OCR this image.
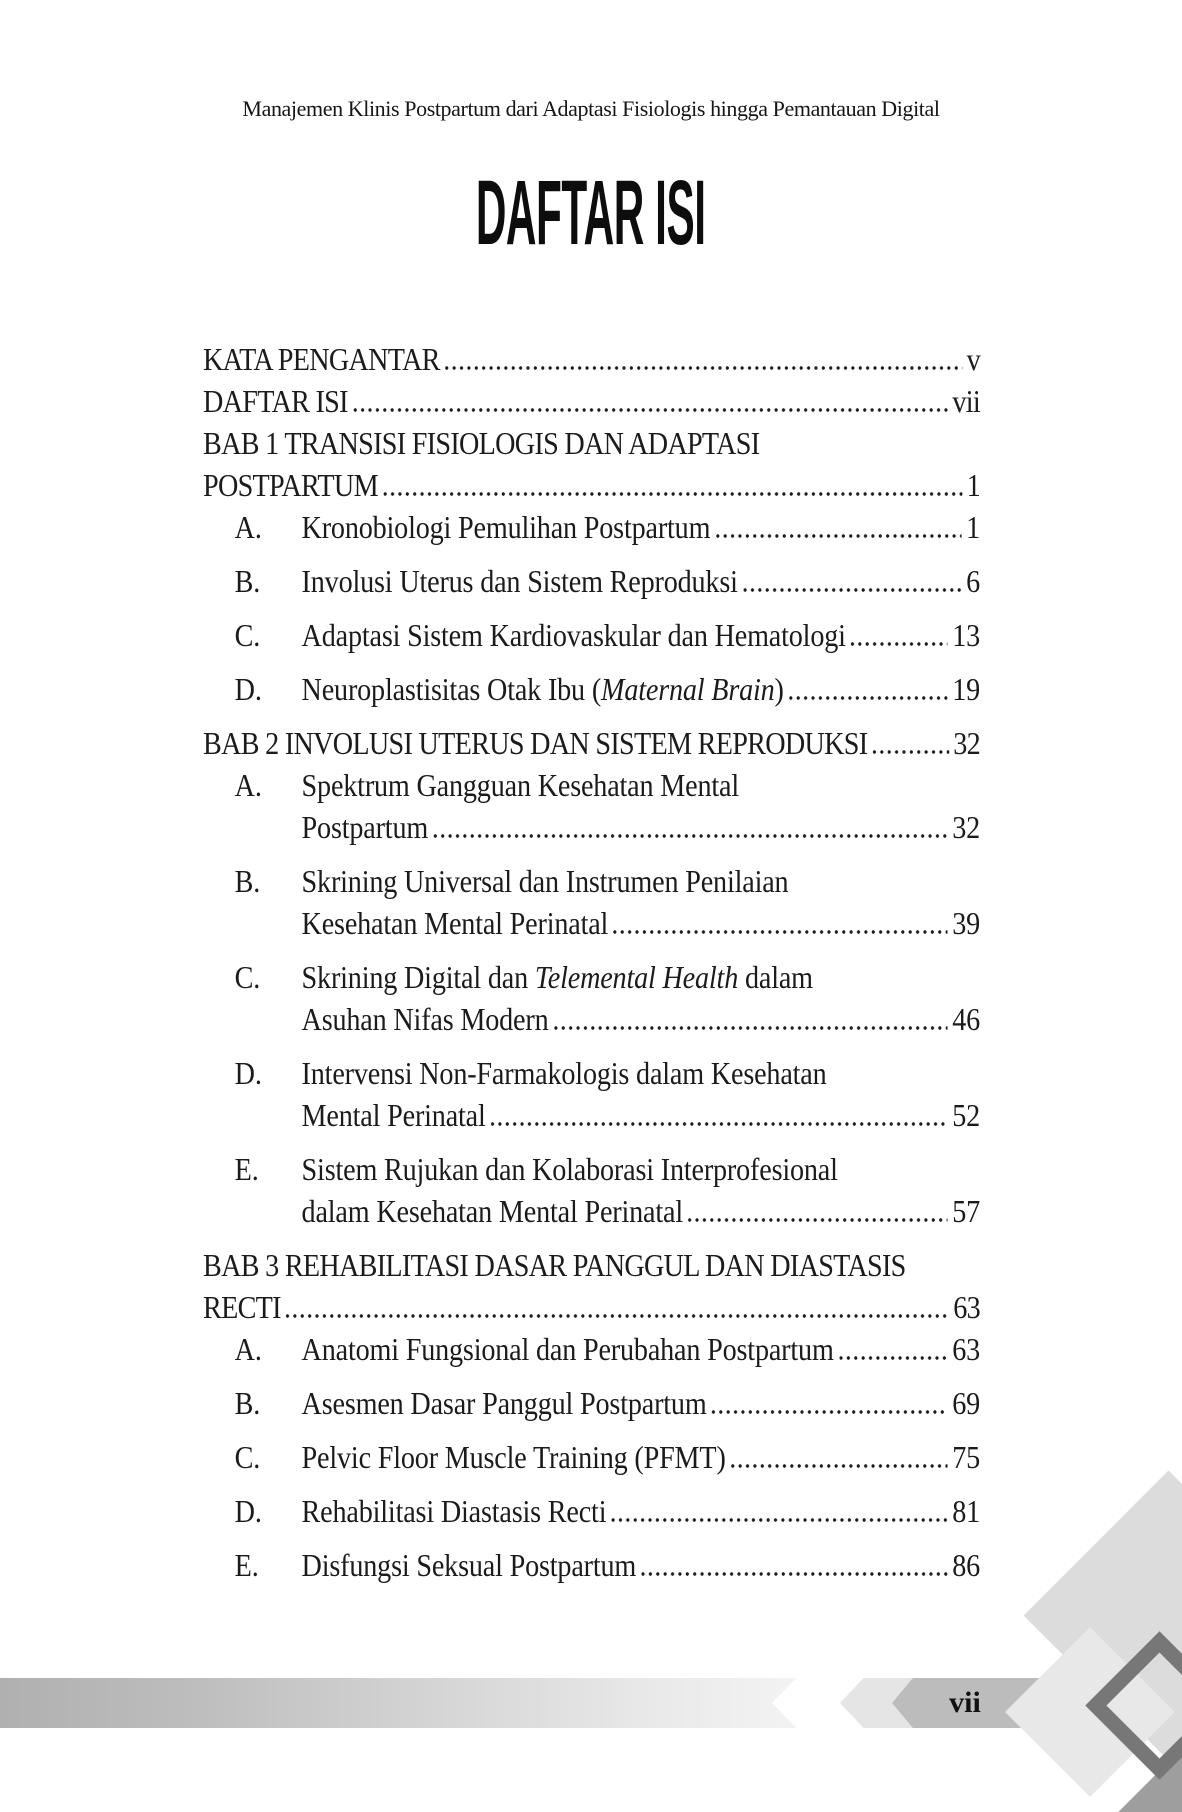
Manajemen Klinis Postpartum dari Adaptasi Fisiologis hingga Pemantauan Digital
DAFTAR ISI
KATA PENGANTAR	v
DAFTAR ISI	vii
BAB 1 TRANSISI FISIOLOGIS DAN ADAPTASI
POSTPARTUM	1
A.	Kronobiologi Pemulihan Postpartum	1
B.	Involusi Uterus dan Sistem Reproduksi	6
C.	Adaptasi Sistem Kardiovaskular dan Hematologi	13
D.	Neuroplastisitas Otak Ibu (Maternal Brain)	19
BAB 2 INVOLUSI UTERUS DAN SISTEM REPRODUKSI	32
A.	Spektrum Gangguan Kesehatan Mental
Postpartum	32
B.	Skrining Universal dan Instrumen Penilaian
Kesehatan Mental Perinatal	39
C.	Skrining Digital dan Telemental Health dalam
Asuhan Nifas Modern	46
D.	Intervensi Non-Farmakologis dalam Kesehatan
Mental Perinatal	52
E.	Sistem Rujukan dan Kolaborasi Interprofesional
dalam Kesehatan Mental Perinatal	57
BAB 3 REHABILITASI DASAR PANGGUL DAN DIASTASIS
RECTI	63
A.	Anatomi Fungsional dan Perubahan Postpartum	63
B.	Asesmen Dasar Panggul Postpartum	69
C.	Pelvic Floor Muscle Training (PFMT)	75
D.	Rehabilitasi Diastasis Recti	81
E.	Disfungsi Seksual Postpartum	86
vii
